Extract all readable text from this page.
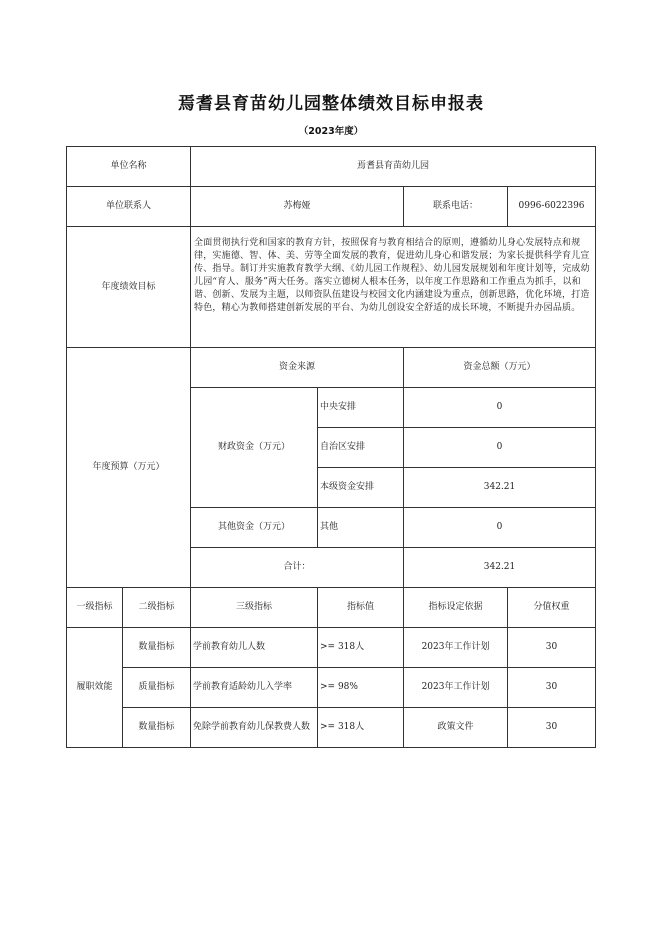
焉耆县育苗幼儿园整体绩效目标申报表
（2023年度）
单位名称		焉耆县育苗幼儿园			
单位联系人		苏梅娅		联系电话：	0996-6022396
年度绩效目标		全面贯彻执行党和国家的教育方针，按照保育与教育相结合的原则，遵循幼儿身心发展特点和规律，实施德、智、体、美、劳等全面发展的教育，促进幼儿身心和谐发展；为家长提供科学育儿宣传、指导。制订并实施教育教学大纲、《幼儿园工作规程》、幼儿园发展规划和年度计划等，完成幼儿园“育人、服务”两大任务。落实立德树人根本任务，以年度工作思路和工作重点为抓手，以和谐、创新、发展为主题，以师资队伍建设与校园文化内涵建设为重点，创新思路，优化环境，打造特色，精心为教师搭建创新发展的平台、为幼儿创设安全舒适的成长环境，不断提升办园品质。			
年度预算（万元）		资金来源		资金总额（万元）	
		财政资金（万元）	中央安排	0	
			自治区安排	0	
			本级资金安排	342.21	
		其他资金（万元）	其他	0	
		合计：		342.21	
一级指标	二级指标	三级指标	指标值	指标设定依据	分值权重
履职效能	数量指标	学前教育幼儿人数	>= 318人	2023年工作计划	30
	质量指标	学前教育适龄幼儿入学率	>= 98%	2023年工作计划	30
	数量指标	免除学前教育幼儿保教费人数	>= 318人	政策文件	30
